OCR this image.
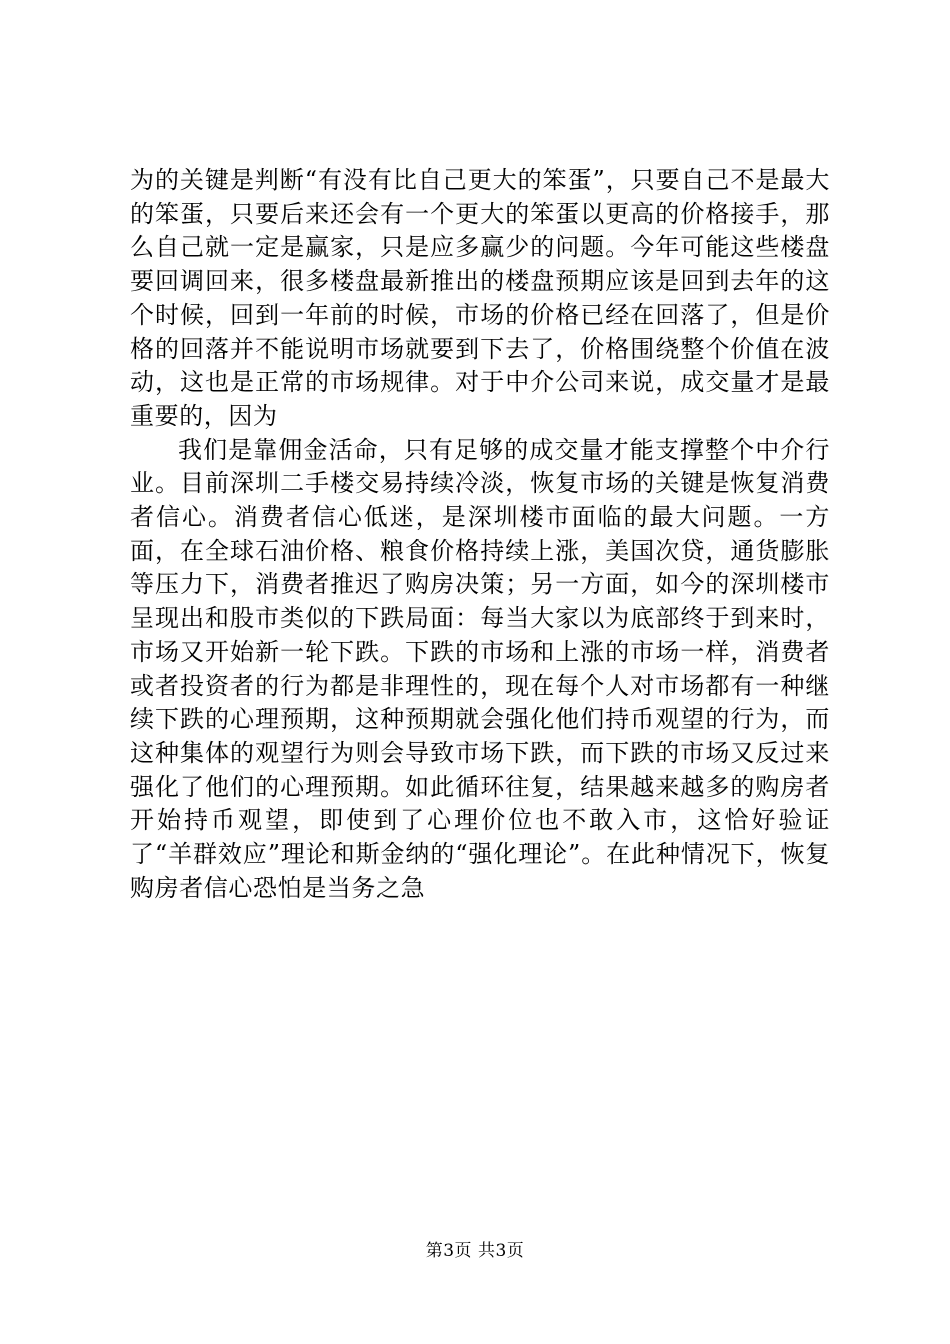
为的关键是判断“有没有比自己更大的笨蛋”，只要自己不是最大的笨蛋，只要后来还会有一个更大的笨蛋以更高的价格接手，那么自己就一定是赢家，只是应多赢少的问题。今年可能这些楼盘要回调回来，很多楼盘最新推出的楼盘预期应该是回到去年的这个时候，回到一年前的时候，市场的价格已经在回落了，但是价格的回落并不能说明市场就要到下去了，价格围绕整个价值在波动，这也是正常的市场规律。对于中介公司来说，成交量才是最重要的，因为

我们是靠佣金活命，只有足够的成交量才能支撑整个中介行业。目前深圳二手楼交易持续冷淡，恢复市场的关键是恢复消费者信心。消费者信心低迷，是深圳楼市面临的最大问题。一方面，在全球石油价格、粮食价格持续上涨，美国次贷，通货膨胀等压力下，消费者推迟了购房决策；另一方面，如今的深圳楼市呈现出和股市类似的下跌局面：每当大家以为底部终于到来时，市场又开始新一轮下跌。下跌的市场和上涨的市场一样，消费者或者投资者的行为都是非理性的，现在每个人对市场都有一种继续下跌的心理预期，这种预期就会强化他们持币观望的行为，而这种集体的观望行为则会导致市场下跌，而下跌的市场又反过来强化了他们的心理预期。如此循环往复，结果越来越多的购房者开始持币观望，即使到了心理价位也不敢入市，这恰好验证了“羊群效应”理论和斯金纳的“强化理论”。在此种情况下，恢复购房者信心恐怕是当务之急

第3页 共3页
